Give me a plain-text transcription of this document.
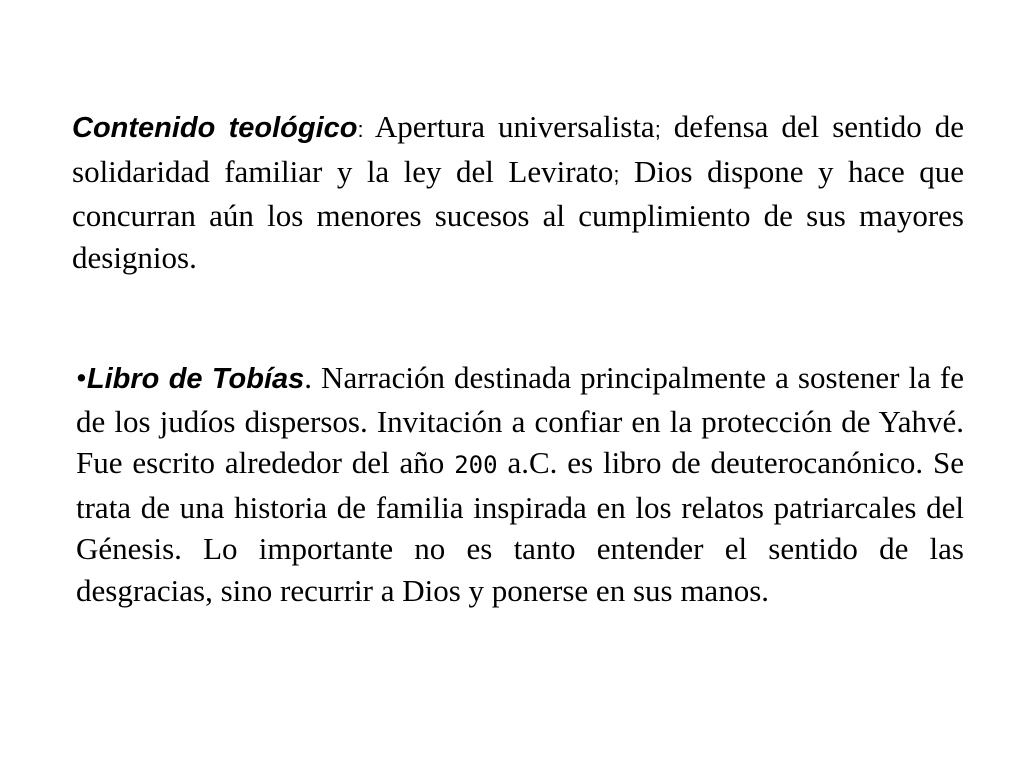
Contenido teológico: Apertura universalista; defensa del sentido de solidaridad familiar y la ley del Levirato; Dios dispone y hace que concurran aún los menores sucesos al cumplimiento de sus mayores designios.

•Libro de Tobías. Narración destinada principalmente a sostener la fe de los judíos dispersos. Invitación a confiar en la protección de Yahvé. Fue escrito alrededor del año 200 a.C. es libro de deuterocanónico. Se trata de una historia de familia inspirada en los relatos patriarcales del Génesis. Lo importante no es tanto entender el sentido de las desgracias, sino recurrir a Dios y ponerse en sus manos.
